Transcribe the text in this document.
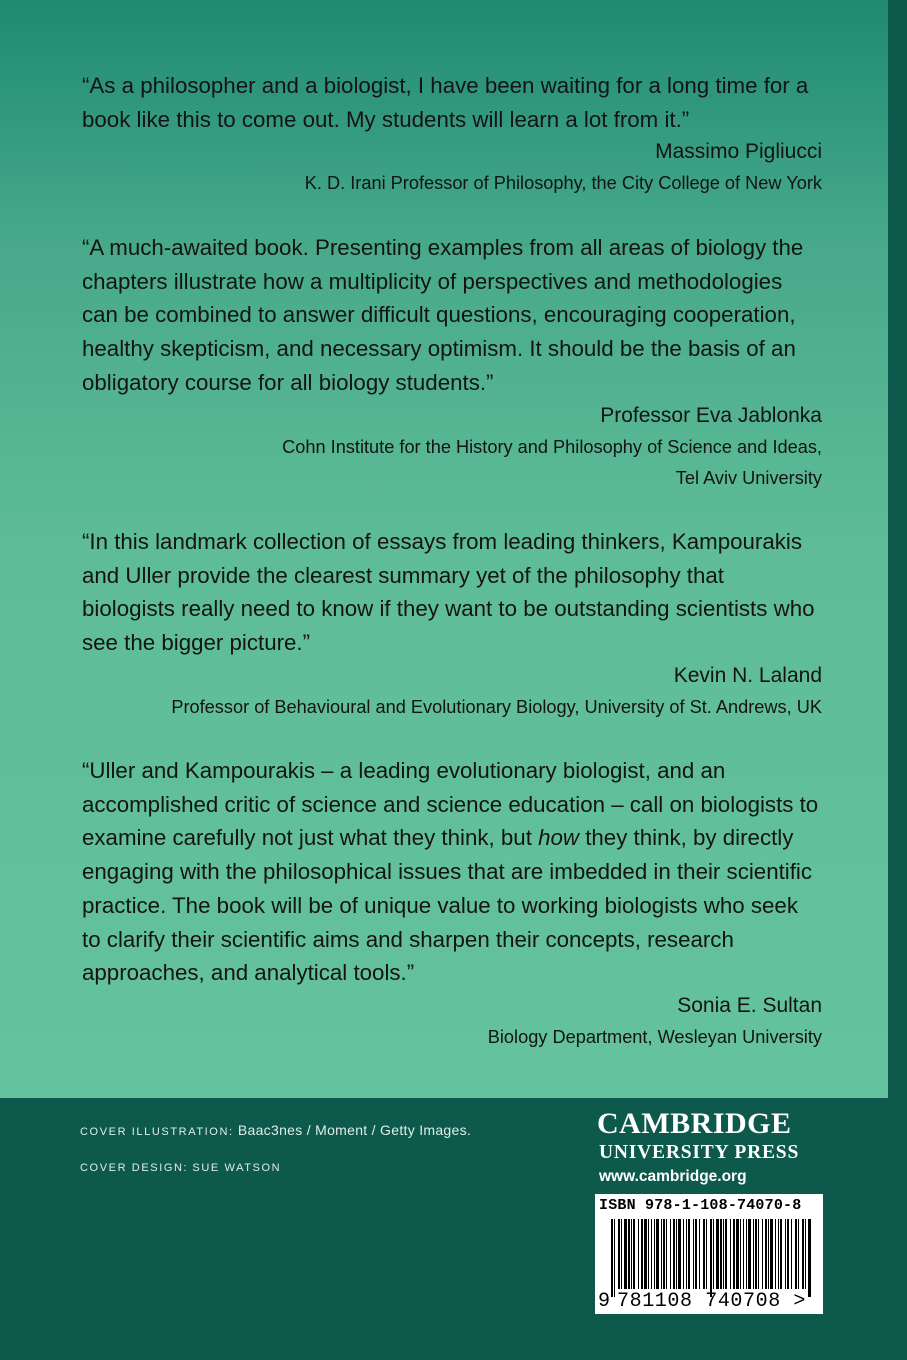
“As a philosopher and a biologist, I have been waiting for a long time for a book like this to come out. My students will learn a lot from it.”

Massimo Pigliucci

K. D. Irani Professor of Philosophy, the City College of New York

“A much-awaited book. Presenting examples from all areas of biology the chapters illustrate how a multiplicity of perspectives and methodologies can be combined to answer difficult questions, encouraging cooperation, healthy skepticism, and necessary optimism. It should be the basis of an obligatory course for all biology students.”

Professor Eva Jablonka

Cohn Institute for the History and Philosophy of Science and Ideas,

Tel Aviv University

“In this landmark collection of essays from leading thinkers, Kampourakis and Uller provide the clearest summary yet of the philosophy that biologists really need to know if they want to be outstanding scientists who see the bigger picture.”

Kevin N. Laland

Professor of Behavioural and Evolutionary Biology, University of St. Andrews, UK

“Uller and Kampourakis – a leading evolutionary biologist, and an accomplished critic of science and science education – call on biologists to examine carefully not just what they think, but how they think, by directly engaging with the philosophical issues that are imbedded in their scientific practice. The book will be of unique value to working biologists who seek to clarify their scientific aims and sharpen their concepts, research approaches, and analytical tools.”

Sonia E. Sultan

Biology Department, Wesleyan University

COVER ILLUSTRATION: Baac3nes / Moment / Getty Images.
COVER DESIGN: SUE WATSON

CAMBRIDGE

UNIVERSITY PRESS

www.cambridge.org

ISBN 978-1-108-74070-8
9 781108 740708 >
